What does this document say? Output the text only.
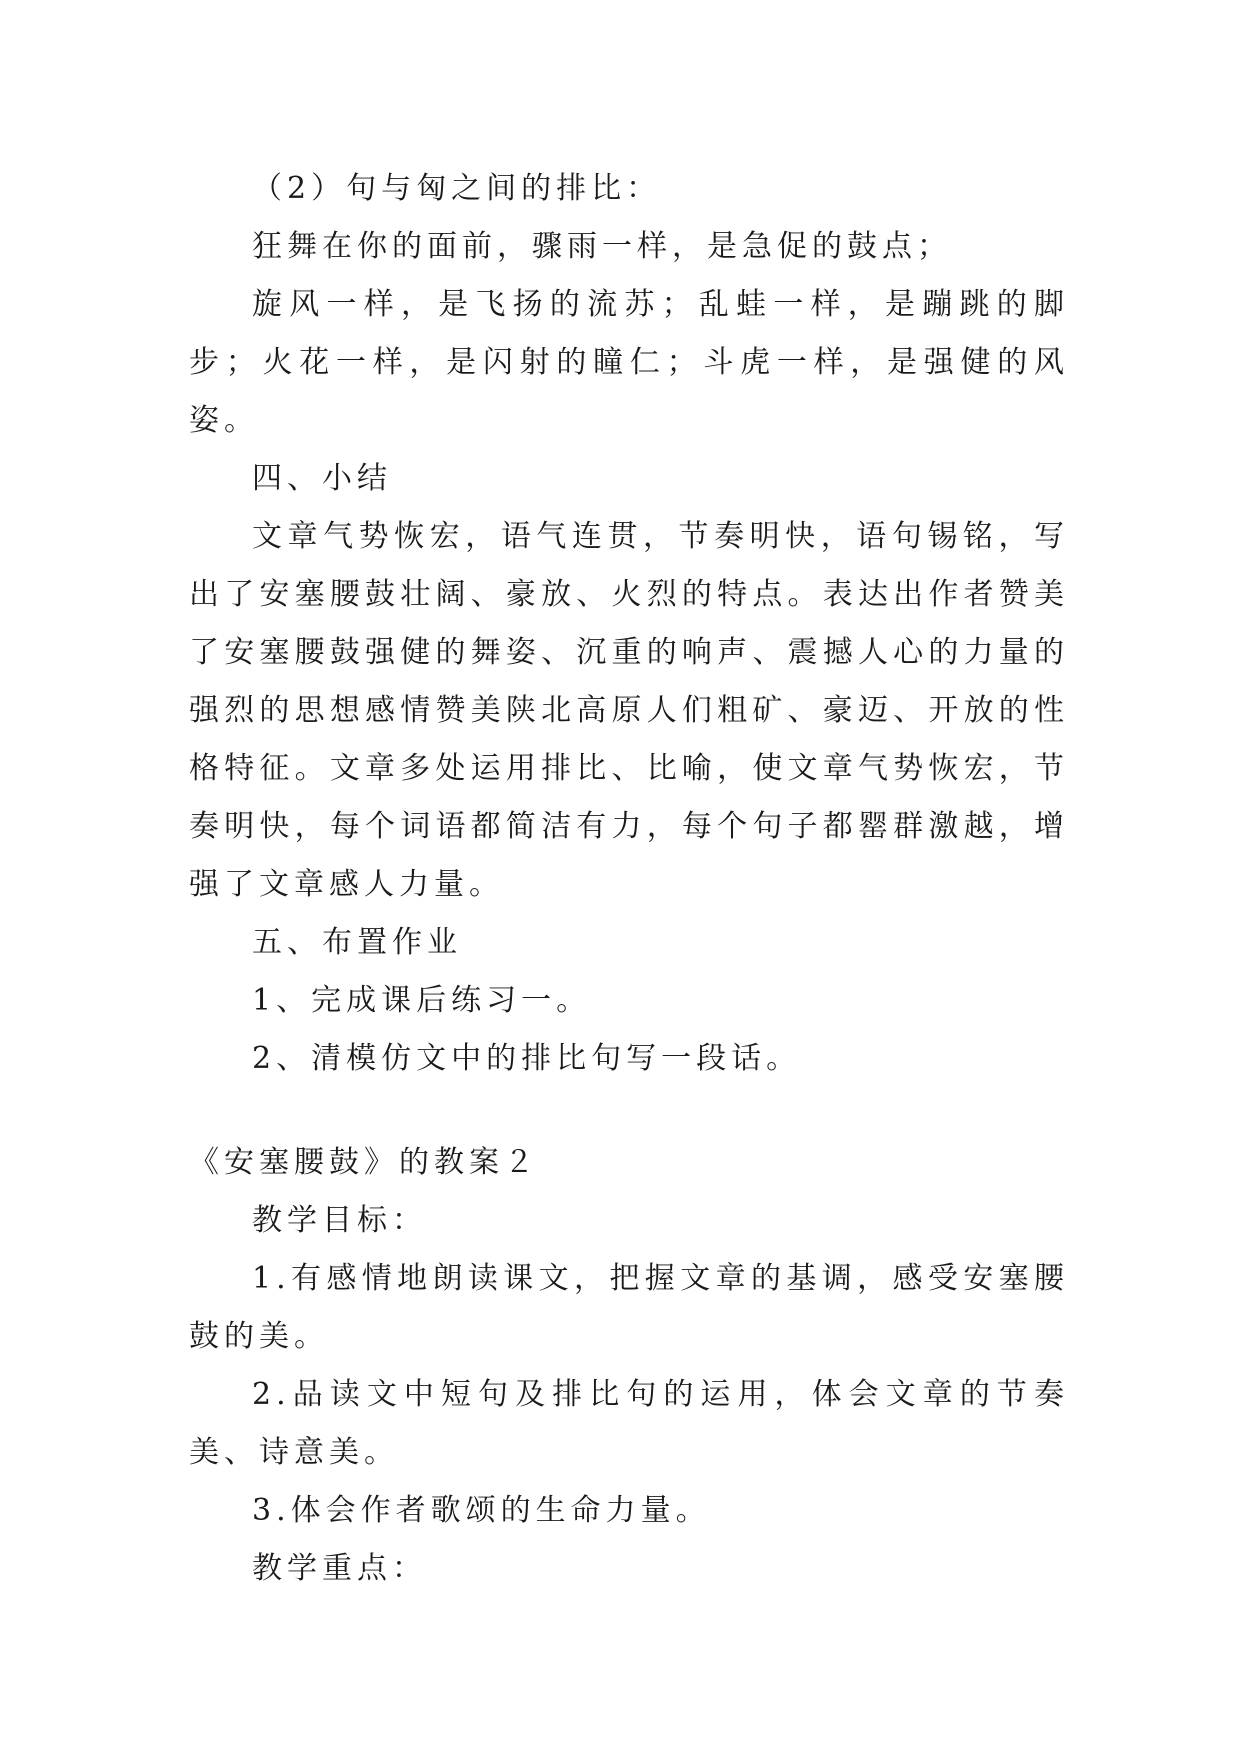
（2）句与匈之间的排比：

狂舞在你的面前，骤雨一样，是急促的鼓点；

旋风一样，是飞扬的流苏；乱蛙一样，是蹦跳的脚步；火花一样，是闪射的瞳仁；斗虎一样，是强健的风姿。

四、小结

文章气势恢宏，语气连贯，节奏明快，语句锡铭，写出了安塞腰鼓壮阔、豪放、火烈的特点。表达出作者赞美了安塞腰鼓强健的舞姿、沉重的响声、震撼人心的力量的强烈的思想感情赞美陕北高原人们粗矿、豪迈、开放的性格特征。文章多处运用排比、比喻，使文章气势恢宏，节奏明快，每个词语都简洁有力，每个句子都罂群激越，增强了文章感人力量。

五、布置作业

1、完成课后练习一。

2、清模仿文中的排比句写一段话。

《安塞腰鼓》的教案２

教学目标：

1.有感情地朗读课文，把握文章的基调，感受安塞腰鼓的美。

2.品读文中短句及排比句的运用，体会文章的节奏美、诗意美。

3.体会作者歌颂的生命力量。

教学重点：
